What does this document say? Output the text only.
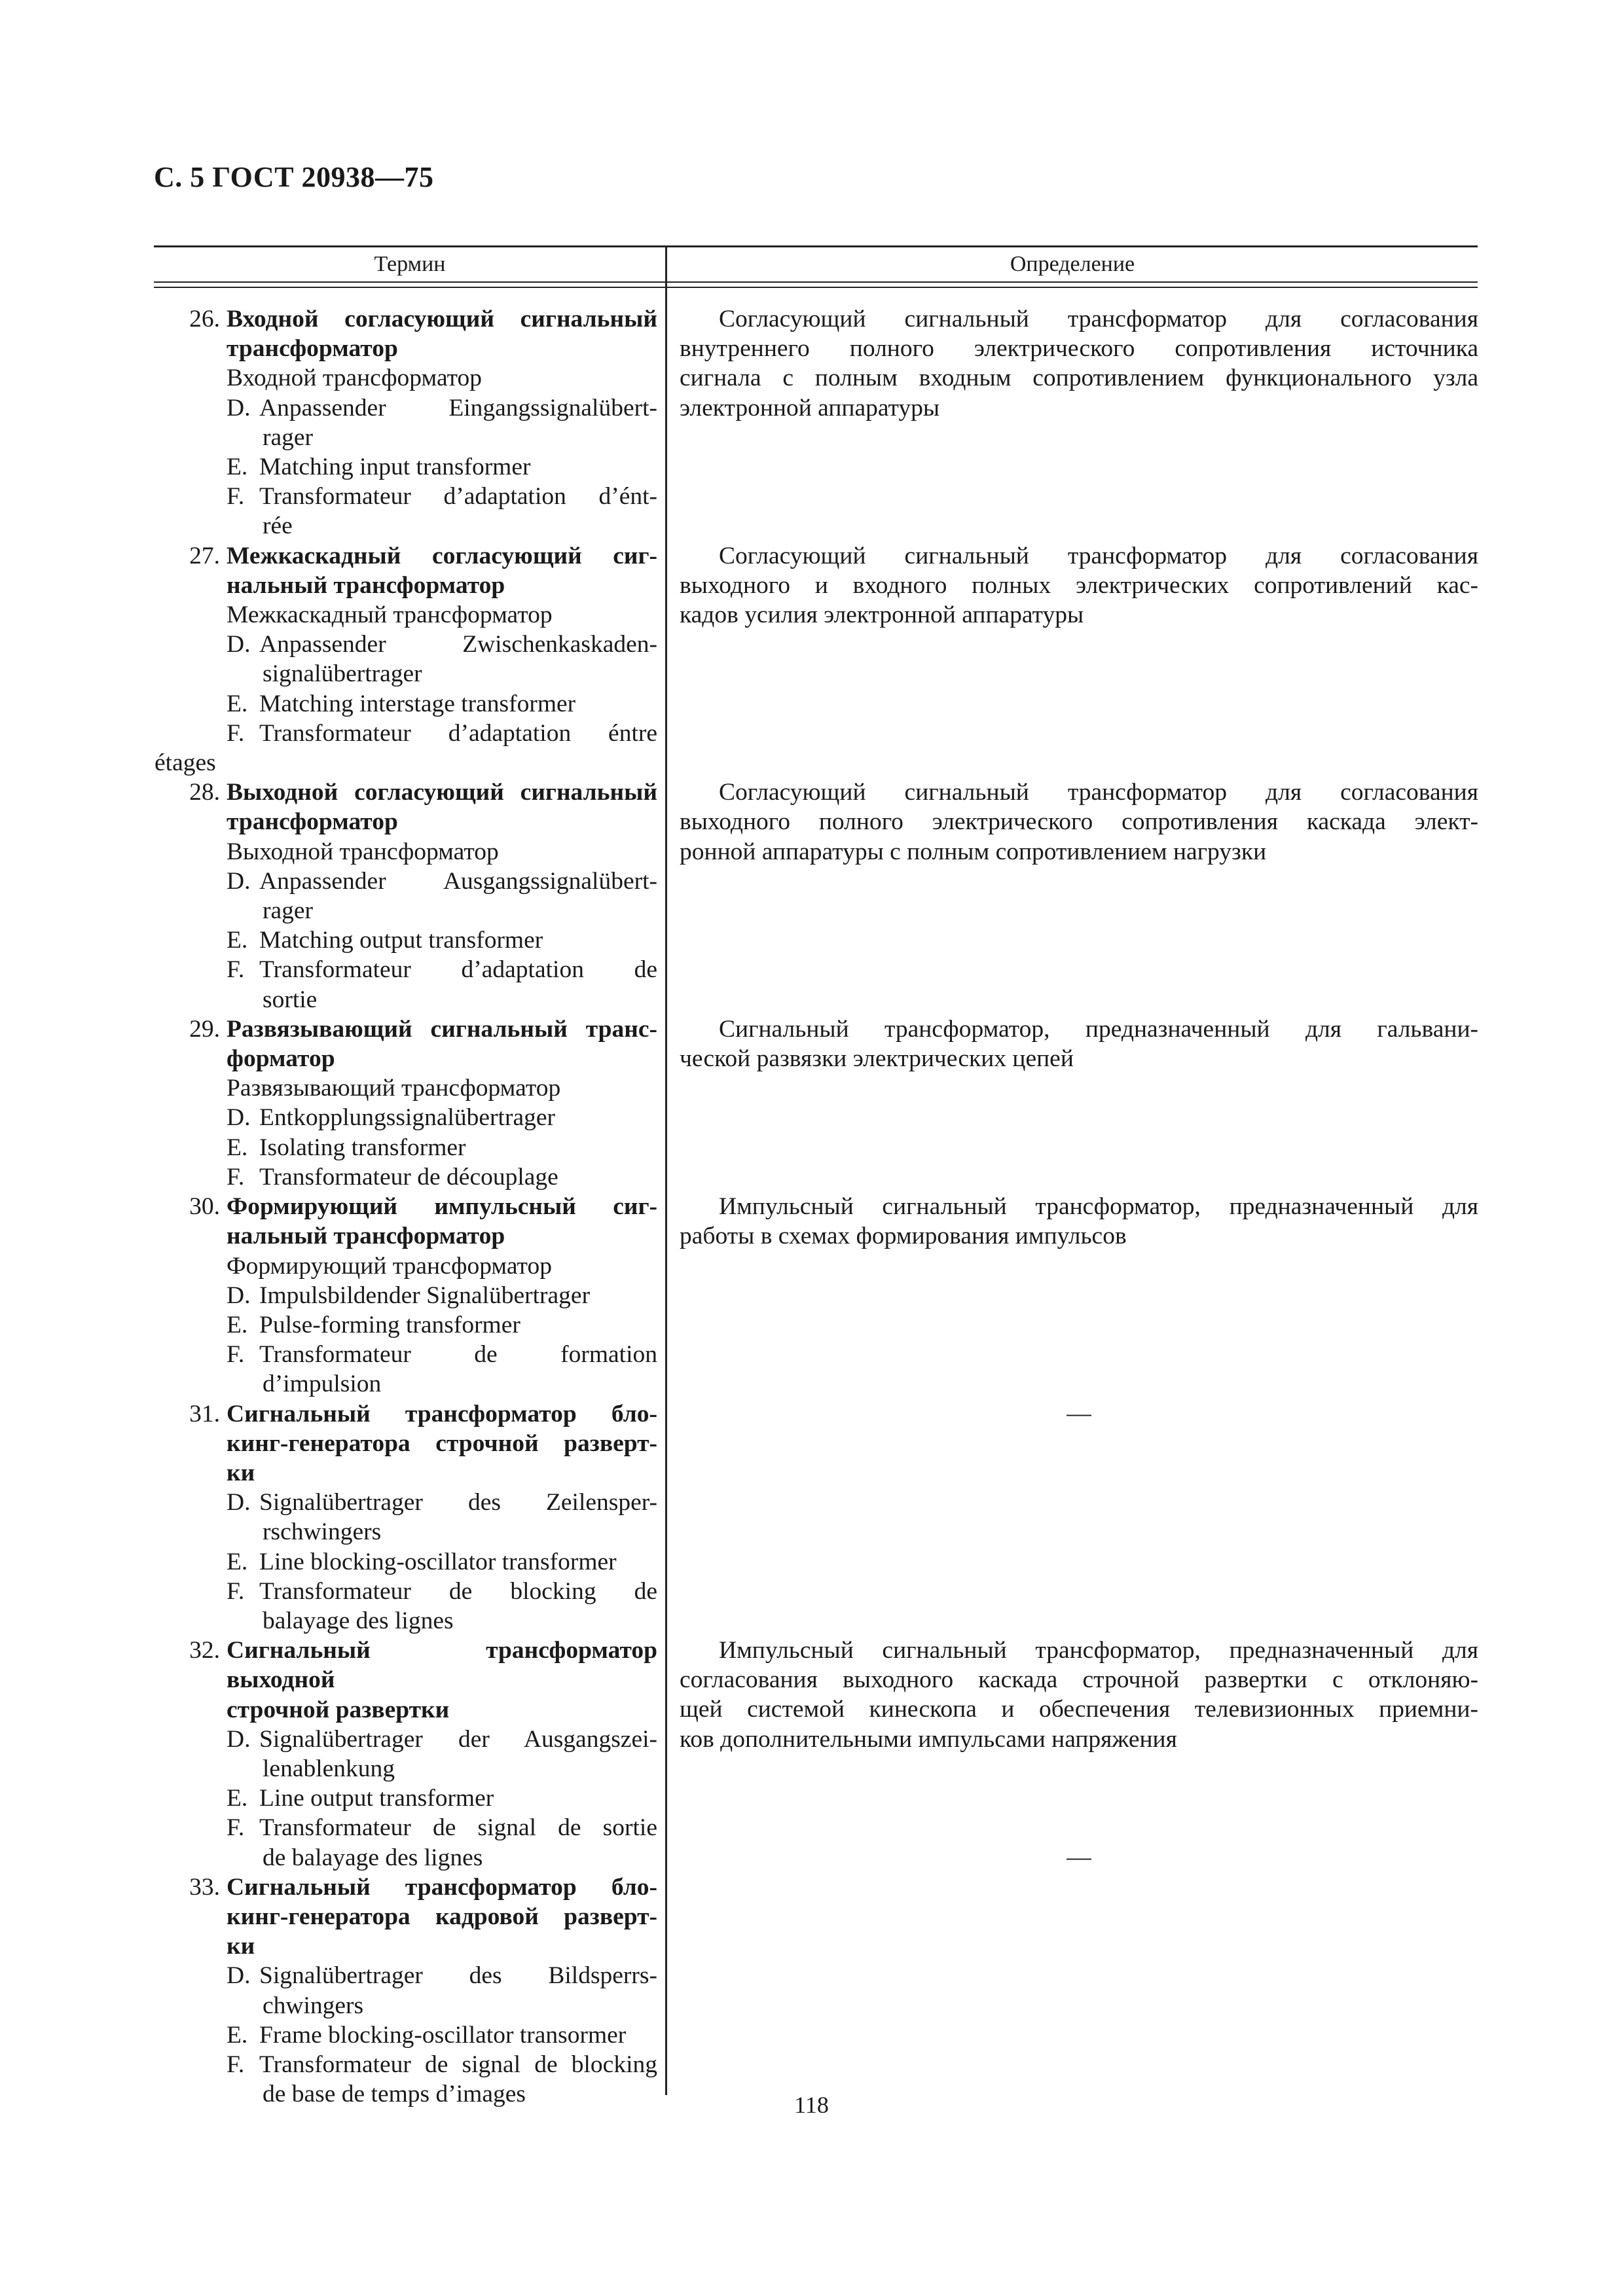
С. 5 ГОСТ 20938—75
Термин	Определение
26. Входной согласующий сигнальный
трансформатор
Входной трансформатор
D. Anpassender Eingangssignalübert-
rager
E. Matching input transformer
F. Transformateur d’adaptation d’ént-
rée
27. Межкаскадный согласующий сиг-
нальный трансформатор
Межкаскадный трансформатор
D. Anpassender Zwischenkaskaden-
signalübertrager
E. Matching interstage transformer
F. Transformateur d’adaptation éntre
étages
28. Выходной согласующий сигнальный
трансформатор
Выходной трансформатор
D. Anpassender Ausgangssignalübert-
rager
E. Matching output transformer
F. Transformateur d’adaptation de
sortie
29. Развязывающий сигнальный транс-
форматор
Развязывающий трансформатор
D. Entkopplungssignalübertrager
E. Isolating transformer
F. Transformateur de découplage
30. Формирующий импульсный сиг-
нальный трансформатор
Формирующий трансформатор
D. Impulsbildender Signalübertrager
E. Pulse-forming transformer
F. Transformateur de formation
d’impulsion
31. Сигнальный трансформатор бло-
кинг-генератора строчной разверт-
ки
D. Signalübertrager des Zeilensper-
rschwingers
E. Line blocking-oscillator transformer
F. Transformateur de blocking de
balayage des lignes
32. Сигнальный трансформатор выходной
строчной развертки
D. Signalübertrager der Ausgangszei-
lenablenkung
E. Line output transformer
F. Transformateur de signal de sortie
de balayage des lignes
33. Сигнальный трансформатор бло-
кинг-генератора кадровой разверт-
ки
D. Signalübertrager des Bildsperrs-
chwingers
E. Frame blocking-oscillator transormer
F. Transformateur de signal de blocking
de base de temps d’images
Согласующий сигнальный трансформатор для согласования
внутреннего полного электрического сопротивления источника
сигнала с полным входным сопротивлением функционального узла
электронной аппаратуры
Согласующий сигнальный трансформатор для согласования
выходного и входного полных электрических сопротивлений кас-
кадов усилия электронной аппаратуры
Согласующий сигнальный трансформатор для согласования
выходного полного электрического сопротивления каскада элект-
ронной аппаратуры с полным сопротивлением нагрузки
Сигнальный трансформатор, предназначенный для гальвани-
ческой развязки электрических цепей
Импульсный сигнальный трансформатор, предназначенный для
работы в схемах формирования импульсов
—
Импульсный сигнальный трансформатор, предназначенный для
согласования выходного каскада строчной развертки с отклоняю-
щей системой кинескопа и обеспечения телевизионных приемни-
ков дополнительными импульсами напряжения
—
118
